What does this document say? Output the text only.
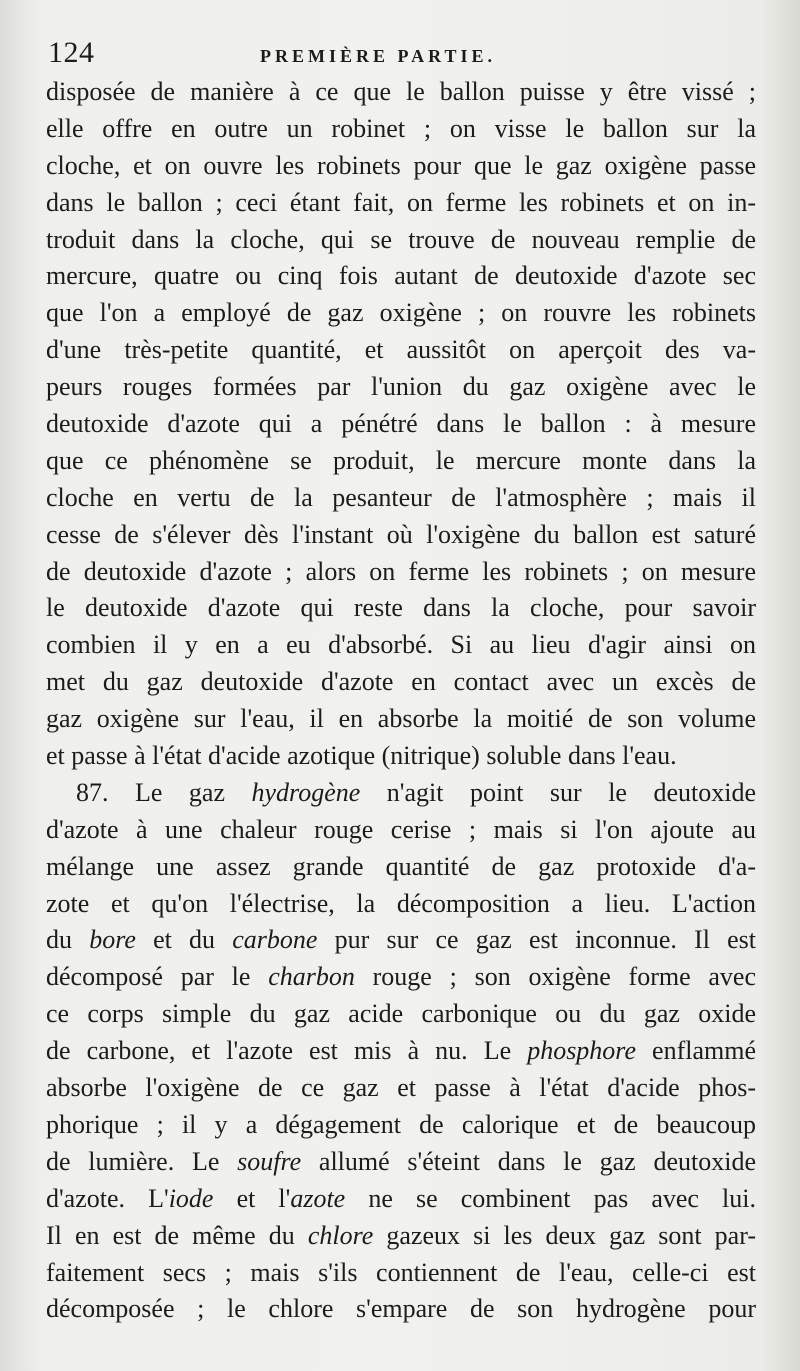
124	PREMIÈRE PARTIE.
disposée de manière à ce que le ballon puisse y être vissé ;
elle offre en outre un robinet ; on visse le ballon sur la
cloche, et on ouvre les robinets pour que le gaz oxigène passe
dans le ballon ; ceci étant fait, on ferme les robinets et on in-
troduit dans la cloche, qui se trouve de nouveau remplie de
mercure, quatre ou cinq fois autant de deutoxide d'azote sec
que l'on a employé de gaz oxigène ; on rouvre les robinets
d'une très-petite quantité, et aussitôt on aperçoit des va-
peurs rouges formées par l'union du gaz oxigène avec le
deutoxide d'azote qui a pénétré dans le ballon : à mesure
que ce phénomène se produit, le mercure monte dans la
cloche en vertu de la pesanteur de l'atmosphère ; mais il
cesse de s'élever dès l'instant où l'oxigène du ballon est saturé
de deutoxide d'azote ; alors on ferme les robinets ; on mesure
le deutoxide d'azote qui reste dans la cloche, pour savoir
combien il y en a eu d'absorbé. Si au lieu d'agir ainsi on
met du gaz deutoxide d'azote en contact avec un excès de
gaz oxigène sur l'eau, il en absorbe la moitié de son volume
et passe à l'état d'acide azotique (nitrique) soluble dans l'eau.
87. Le gaz hydrogène n'agit point sur le deutoxide
d'azote à une chaleur rouge cerise ; mais si l'on ajoute au
mélange une assez grande quantité de gaz protoxide d'a-
zote et qu'on l'électrise, la décomposition a lieu. L'action
du bore et du carbone pur sur ce gaz est inconnue. Il est
décomposé par le charbon rouge ; son oxigène forme avec
ce corps simple du gaz acide carbonique ou du gaz oxide
de carbone, et l'azote est mis à nu. Le phosphore enflammé
absorbe l'oxigène de ce gaz et passe à l'état d'acide phos-
phorique ; il y a dégagement de calorique et de beaucoup
de lumière. Le soufre allumé s'éteint dans le gaz deutoxide
d'azote. L'iode et l'azote ne se combinent pas avec lui.
Il en est de même du chlore gazeux si les deux gaz sont par-
faitement secs ; mais s'ils contiennent de l'eau, celle-ci est
décomposée ; le chlore s'empare de son hydrogène pour
